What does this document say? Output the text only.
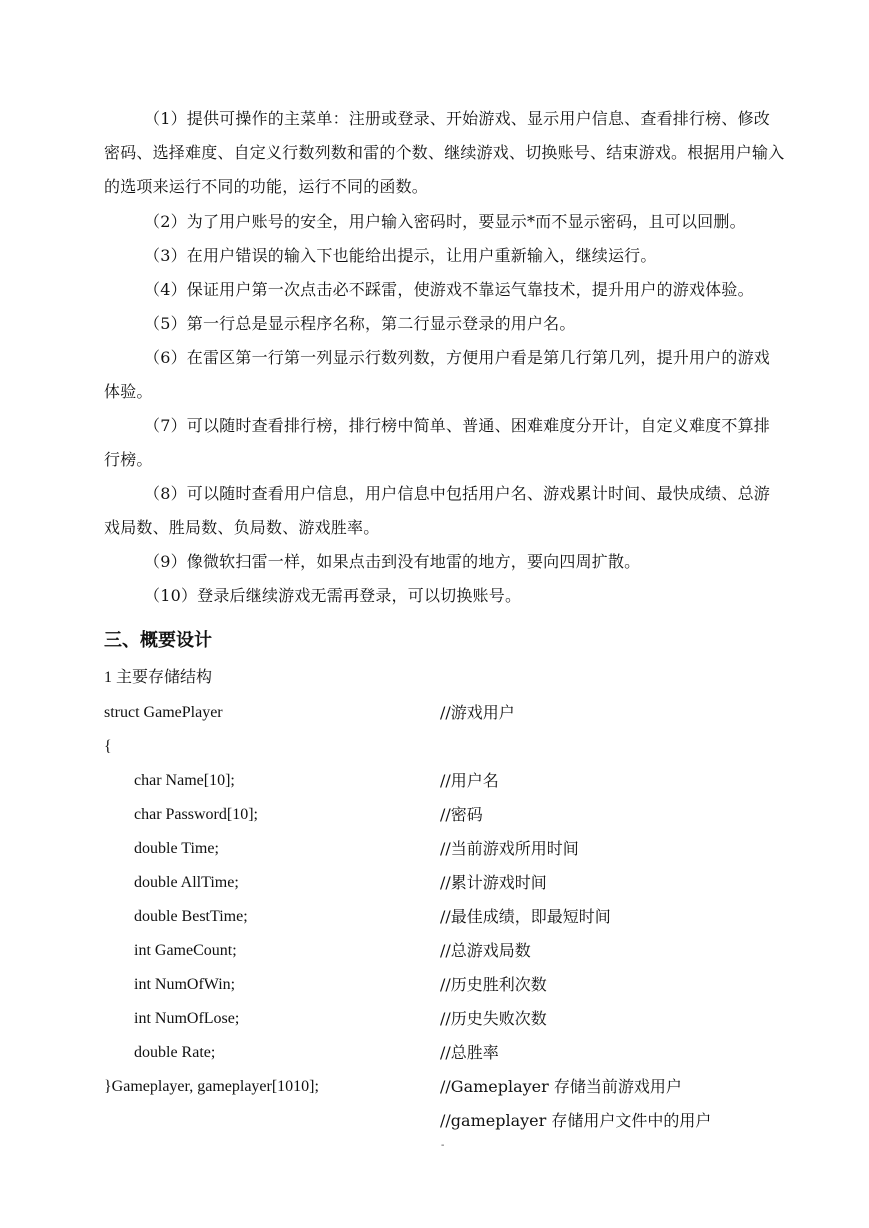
（1）提供可操作的主菜单：注册或登录、开始游戏、显示用户信息、查看排行榜、修改密码、选择难度、自定义行数列数和雷的个数、继续游戏、切换账号、结束游戏。根据用户输入的选项来运行不同的功能，运行不同的函数。

（2）为了用户账号的安全，用户输入密码时，要显示*而不显示密码，且可以回删。

（3）在用户错误的输入下也能给出提示，让用户重新输入，继续运行。

（4）保证用户第一次点击必不踩雷，使游戏不靠运气靠技术，提升用户的游戏体验。

（5）第一行总是显示程序名称，第二行显示登录的用户名。

（6）在雷区第一行第一列显示行数列数，方便用户看是第几行第几列，提升用户的游戏体验。

（7）可以随时查看排行榜，排行榜中简单、普通、困难难度分开计，自定义难度不算排行榜。

（8）可以随时查看用户信息，用户信息中包括用户名、游戏累计时间、最快成绩、总游戏局数、胜局数、负局数、游戏胜率。

（9）像微软扫雷一样，如果点击到没有地雷的地方，要向四周扩散。

（10）登录后继续游戏无需再登录，可以切换账号。

三、概要设计
1 主要存储结构
struct GamePlayer	//游戏用户
{
char Name[10];	//用户名
char Password[10];	//密码
double Time;	//当前游戏所用时间
double AllTime;	//累计游戏时间
double BestTime;	//最佳成绩，即最短时间
int GameCount;	//总游戏局数
int NumOfWin;	//历史胜利次数
int NumOfLose;	//历史失败次数
double Rate;	//总胜率
}Gameplayer, gameplayer[1010];	//Gameplayer 存储当前游戏用户
//gameplayer 存储用户文件中的用户
-
